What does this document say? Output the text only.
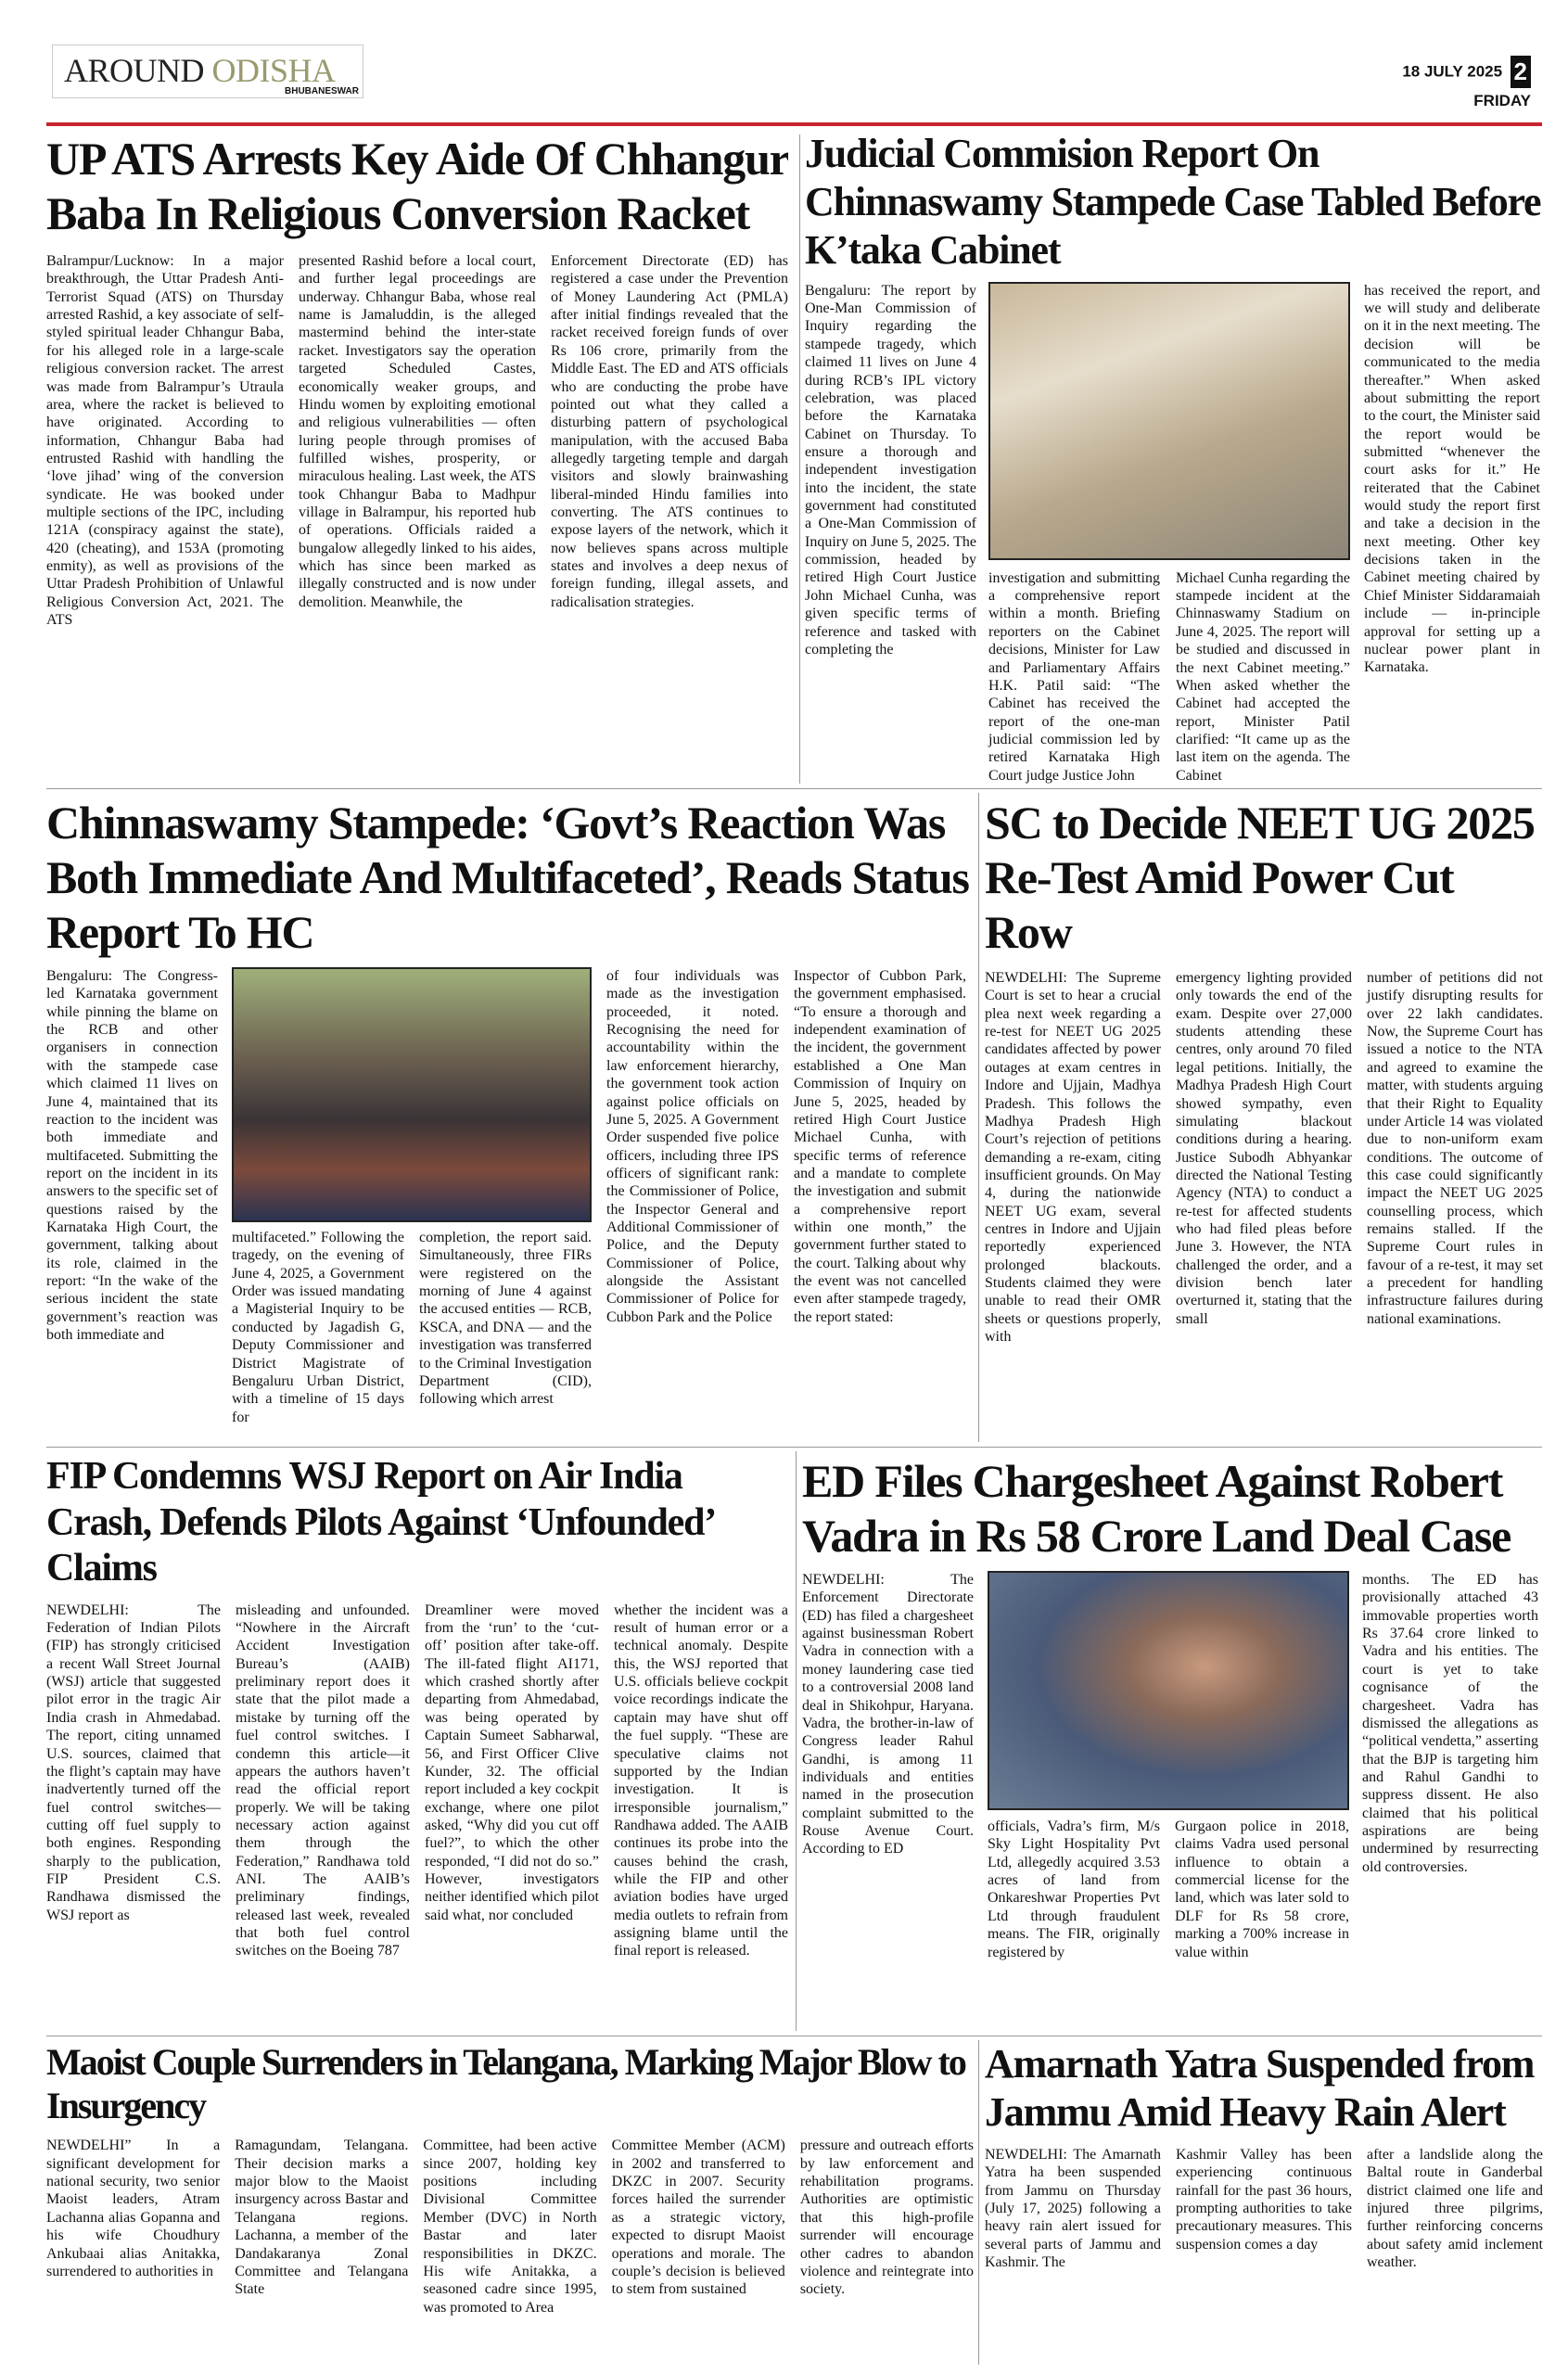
AROUND ODISHA
BHUBANESWAR
18 JULY 2025 2
FRIDAY
UP ATS Arrests Key Aide Of Chhangur Baba In Religious Conversion Racket

Balrampur/Lucknow: In a major breakthrough, the Uttar Pradesh Anti-Terrorist Squad (ATS) on Thursday arrested Rashid, a key associate of self-styled spiritual leader Chhangur Baba, for his alleged role in a large-scale religious conversion racket. The arrest was made from Balrampur’s Utraula area, where the racket is believed to have originated. According to information, Chhangur Baba had entrusted Rashid with handling the ‘love jihad’ wing of the conversion syndicate. He was booked under multiple sections of the IPC, including 121A (conspiracy against the state), 420 (cheating), and 153A (promoting enmity), as well as provisions of the Uttar Pradesh Prohibition of Unlawful Religious Conversion Act, 2021. The ATS

presented Rashid before a local court, and further legal proceedings are underway. Chhangur Baba, whose real name is Jamaluddin, is the alleged mastermind behind the inter-state racket. Investigators say the operation targeted Scheduled Castes, economically weaker groups, and Hindu women by exploiting emotional and religious vulnerabilities — often luring people through promises of fulfilled wishes, prosperity, or miraculous healing. Last week, the ATS took Chhangur Baba to Madhpur village in Balrampur, his reported hub of operations. Officials raided a bungalow allegedly linked to his aides, which has since been marked as illegally constructed and is now under demolition. Meanwhile, the

Enforcement Directorate (ED) has registered a case under the Prevention of Money Laundering Act (PMLA) after initial findings revealed that the racket received foreign funds of over Rs 106 crore, primarily from the Middle East. The ED and ATS officials who are conducting the probe have pointed out what they called a disturbing pattern of psychological manipulation, with the accused Baba allegedly targeting temple and dargah visitors and slowly brainwashing liberal-minded Hindu families into converting. The ATS continues to expose layers of the network, which it now believes spans across multiple states and involves a deep nexus of foreign funding, illegal assets, and radicalisation strategies.

Judicial Commision Report On Chinnaswamy Stampede Case Tabled Before K’taka Cabinet

Bengaluru: The report by One-Man Commission of Inquiry regarding the stampede tragedy, which claimed 11 lives on June 4 during RCB’s IPL victory celebration, was placed before the Karnataka Cabinet on Thursday. To ensure a thorough and independent investigation into the incident, the state government had constituted a One-Man Commission of Inquiry on June 5, 2025. The commission, headed by retired High Court Justice John Michael Cunha, was given specific terms of reference and tasked with completing the

investigation and submitting a comprehensive report within a month. Briefing reporters on the Cabinet decisions, Minister for Law and Parliamentary Affairs H.K. Patil said: “The Cabinet has received the report of the one-man judicial commission led by retired Karnataka High Court judge Justice John

Michael Cunha regarding the stampede incident at the Chinnaswamy Stadium on June 4, 2025. The report will be studied and discussed in the next Cabinet meeting.” When asked whether the Cabinet had accepted the report, Minister Patil clarified: “It came up as the last item on the agenda. The Cabinet

has received the report, and we will study and deliberate on it in the next meeting. The decision will be communicated to the media thereafter.” When asked about submitting the report to the court, the Minister said the report would be submitted “whenever the court asks for it.” He reiterated that the Cabinet would study the report first and take a decision in the next meeting. Other key decisions taken in the Cabinet meeting chaired by Chief Minister Siddaramaiah include — in-principle approval for setting up a nuclear power plant in Karnataka.

Chinnaswamy Stampede: ‘Govt’s Reaction Was Both Immediate And Multifaceted’, Reads Status Report To HC

Bengaluru: The Congress-led Karnataka government while pinning the blame on the RCB and other organisers in connection with the stampede case which claimed 11 lives on June 4, maintained that its reaction to the incident was both immediate and multifaceted. Submitting the report on the incident in its answers to the specific set of questions raised by the Karnataka High Court, the government, talking about its role, claimed in the report: “In the wake of the serious incident the state government’s reaction was both immediate and

multifaceted.” Following the tragedy, on the evening of June 4, 2025, a Government Order was issued mandating a Magisterial Inquiry to be conducted by Jagadish G, Deputy Commissioner and District Magistrate of Bengaluru Urban District, with a timeline of 15 days for

completion, the report said. Simultaneously, three FIRs were registered on the morning of June 4 against the accused entities — RCB, KSCA, and DNA — and the investigation was transferred to the Criminal Investigation Department (CID), following which arrest

of four individuals was made as the investigation proceeded, it noted. Recognising the need for accountability within the law enforcement hierarchy, the government took action against police officials on June 5, 2025. A Government Order suspended five police officers, including three IPS officers of significant rank: the Commissioner of Police, the Inspector General and Additional Commissioner of Police, and the Deputy Commissioner of Police, alongside the Assistant Commissioner of Police for Cubbon Park and the Police

Inspector of Cubbon Park, the government emphasised. “To ensure a thorough and independent examination of the incident, the government established a One Man Commission of Inquiry on June 5, 2025, headed by retired High Court Justice Michael Cunha, with specific terms of reference and a mandate to complete the investigation and submit a comprehensive report within one month,” the government further stated to the court. Talking about why the event was not cancelled even after stampede tragedy, the report stated:

SC to Decide NEET UG 2025 Re-Test Amid Power Cut Row

NEWDELHI: The Supreme Court is set to hear a crucial plea next week regarding a re-test for NEET UG 2025 candidates affected by power outages at exam centres in Indore and Ujjain, Madhya Pradesh. This follows the Madhya Pradesh High Court’s rejection of petitions demanding a re-exam, citing insufficient grounds. On May 4, during the nationwide NEET UG exam, several centres in Indore and Ujjain reportedly experienced prolonged blackouts. Students claimed they were unable to read their OMR sheets or questions properly, with

emergency lighting provided only towards the end of the exam. Despite over 27,000 students attending these centres, only around 70 filed legal petitions. Initially, the Madhya Pradesh High Court showed sympathy, even simulating blackout conditions during a hearing. Justice Subodh Abhyankar directed the National Testing Agency (NTA) to conduct a re-test for affected students who had filed pleas before June 3. However, the NTA challenged the order, and a division bench later overturned it, stating that the small

number of petitions did not justify disrupting results for over 22 lakh candidates. Now, the Supreme Court has issued a notice to the NTA and agreed to examine the matter, with students arguing that their Right to Equality under Article 14 was violated due to non-uniform exam conditions. The outcome of this case could significantly impact the NEET UG 2025 counselling process, which remains stalled. If the Supreme Court rules in favour of a re-test, it may set a precedent for handling infrastructure failures during national examinations.

FIP Condemns WSJ Report on Air India Crash, Defends Pilots Against ‘Unfounded’ Claims

NEWDELHI: The Federation of Indian Pilots (FIP) has strongly criticised a recent Wall Street Journal (WSJ) article that suggested pilot error in the tragic Air India crash in Ahmedabad. The report, citing unnamed U.S. sources, claimed that the flight’s captain may have inadvertently turned off the fuel control switches—cutting off fuel supply to both engines. Responding sharply to the publication, FIP President C.S. Randhawa dismissed the WSJ report as

misleading and unfounded. “Nowhere in the Aircraft Accident Investigation Bureau’s (AAIB) preliminary report does it state that the pilot made a mistake by turning off the fuel control switches. I condemn this article—it appears the authors haven’t read the official report properly. We will be taking necessary action against them through the Federation,” Randhawa told ANI. The AAIB’s preliminary findings, released last week, revealed that both fuel control switches on the Boeing 787

Dreamliner were moved from the ‘run’ to the ‘cut-off’ position after take-off. The ill-fated flight AI171, which crashed shortly after departing from Ahmedabad, was being operated by Captain Sumeet Sabharwal, 56, and First Officer Clive Kunder, 32. The official report included a key cockpit exchange, where one pilot asked, “Why did you cut off fuel?”, to which the other responded, “I did not do so.” However, investigators neither identified which pilot said what, nor concluded

whether the incident was a result of human error or a technical anomaly. Despite this, the WSJ reported that U.S. officials believe cockpit voice recordings indicate the captain may have shut off the fuel supply. “These are speculative claims not supported by the Indian investigation. It is irresponsible journalism,” Randhawa added. The AAIB continues its probe into the causes behind the crash, while the FIP and other aviation bodies have urged media outlets to refrain from assigning blame until the final report is released.

ED Files Chargesheet Against Robert Vadra in Rs 58 Crore Land Deal Case

NEWDELHI: The Enforcement Directorate (ED) has filed a chargesheet against businessman Robert Vadra in connection with a money laundering case tied to a controversial 2008 land deal in Shikohpur, Haryana. Vadra, the brother-in-law of Congress leader Rahul Gandhi, is among 11 individuals and entities named in the prosecution complaint submitted to the Rouse Avenue Court. According to ED

officials, Vadra’s firm, M/s Sky Light Hospitality Pvt Ltd, allegedly acquired 3.53 acres of land from Onkareshwar Properties Pvt Ltd through fraudulent means. The FIR, originally registered by

Gurgaon police in 2018, claims Vadra used personal influence to obtain a commercial license for the land, which was later sold to DLF for Rs 58 crore, marking a 700% increase in value within

months. The ED has provisionally attached 43 immovable properties worth Rs 37.64 crore linked to Vadra and his entities. The court is yet to take cognisance of the chargesheet. Vadra has dismissed the allegations as “political vendetta,” asserting that the BJP is targeting him and Rahul Gandhi to suppress dissent. He also claimed that his political aspirations are being undermined by resurrecting old controversies.

Maoist Couple Surrenders in Telangana, Marking Major Blow to Insurgency

NEWDELHI” In a significant development for national security, two senior Maoist leaders, Atram Lachanna alias Gopanna and his wife Choudhury Ankubaai alias Anitakka, surrendered to authorities in

Ramagundam, Telangana. Their decision marks a major blow to the Maoist insurgency across Bastar and Telangana regions. Lachanna, a member of the Dandakaranya Zonal Committee and Telangana State

Committee, had been active since 2007, holding key positions including Divisional Committee Member (DVC) in North Bastar and later responsibilities in DKZC. His wife Anitakka, a seasoned cadre since 1995, was promoted to Area

Committee Member (ACM) in 2002 and transferred to DKZC in 2007. Security forces hailed the surrender as a strategic victory, expected to disrupt Maoist operations and morale. The couple’s decision is believed to stem from sustained

pressure and outreach efforts by law enforcement and rehabilitation programs. Authorities are optimistic that this high-profile surrender will encourage other cadres to abandon violence and reintegrate into society.

Amarnath Yatra Suspended from Jammu Amid Heavy Rain Alert

NEWDELHI: The Amarnath Yatra ha been suspended from Jammu on Thursday (July 17, 2025) following a heavy rain alert issued for several parts of Jammu and Kashmir. The

Kashmir Valley has been experiencing continuous rainfall for the past 36 hours, prompting authorities to take precautionary measures. This suspension comes a day

after a landslide along the Baltal route in Ganderbal district claimed one life and injured three pilgrims, further reinforcing concerns about safety amid inclement weather.
